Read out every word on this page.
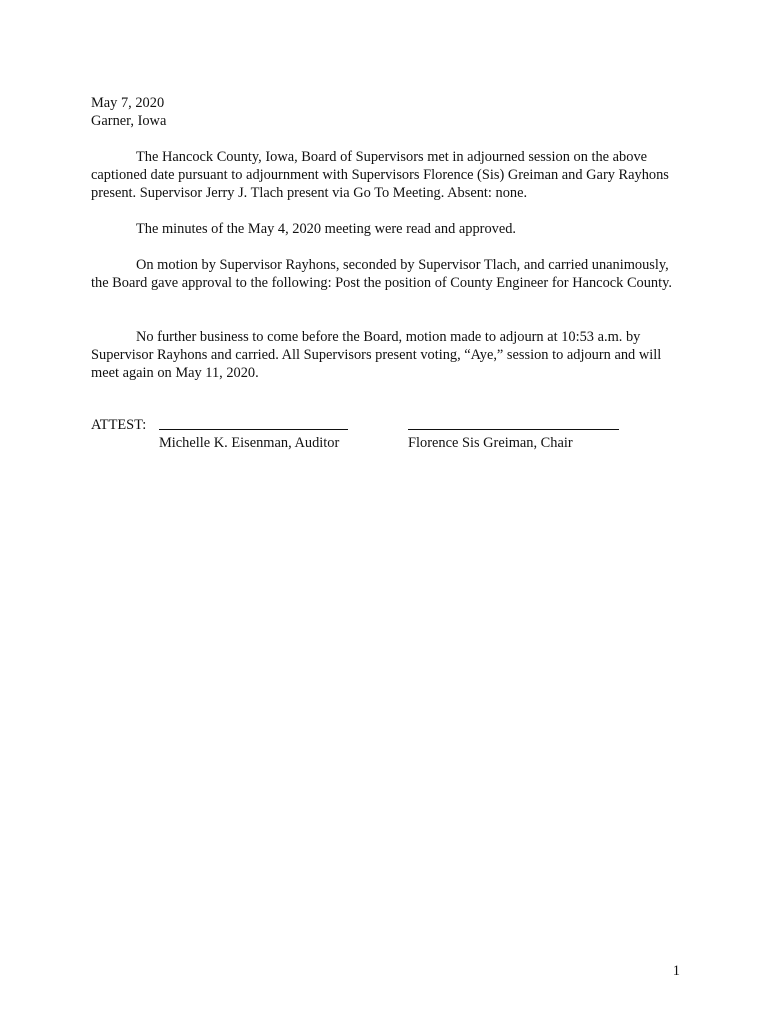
May 7, 2020
Garner, Iowa
The Hancock County, Iowa, Board of Supervisors met in adjourned session on the above captioned date pursuant to adjournment with Supervisors Florence (Sis) Greiman and Gary Rayhons present. Supervisor Jerry J. Tlach present via Go To Meeting. Absent: none.
The minutes of the May 4, 2020 meeting were read and approved.
On motion by Supervisor Rayhons, seconded by Supervisor Tlach, and carried unanimously, the Board gave approval to the following: Post the position of County Engineer for Hancock County.
No further business to come before the Board, motion made to adjourn at 10:53 a.m. by Supervisor Rayhons and carried. All Supervisors present voting, “Aye,” session to adjourn and will meet again on May 11, 2020.
ATTEST:
Michelle K. Eisenman, Auditor	Florence Sis Greiman, Chair
1
